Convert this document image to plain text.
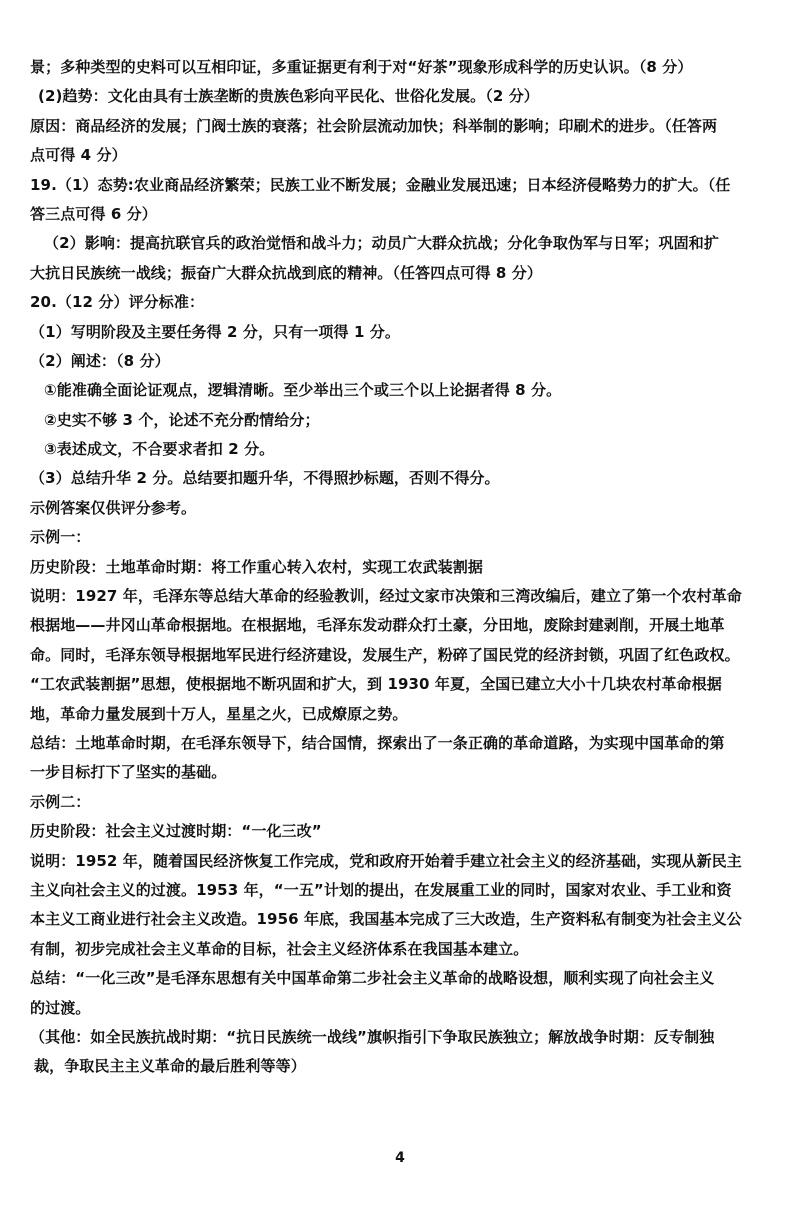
景；多种类型的史料可以互相印证，多重证据更有利于对“好茶”现象形成科学的历史认识。（8 分）
(2)趋势：文化由具有士族垄断的贵族色彩向平民化、世俗化发展。（2 分）
原因：商品经济的发展；门阀士族的衰落；社会阶层流动加快；科举制的影响；印刷术的进步。（任答两
点可得 4 分）
19.（1）态势:农业商品经济繁荣；民族工业不断发展；金融业发展迅速；日本经济侵略势力的扩大。（任
答三点可得 6 分）
（2）影响：提高抗联官兵的政治觉悟和战斗力；动员广大群众抗战；分化争取伪军与日军；巩固和扩
大抗日民族统一战线；振奋广大群众抗战到底的精神。（任答四点可得 8 分）
20.（12 分）评分标准：
（1）写明阶段及主要任务得 2 分，只有一项得 1 分。
（2）阐述：（8 分）
①能准确全面论证观点，逻辑清晰。至少举出三个或三个以上论据者得 8 分。
②史实不够 3 个，论述不充分酌情给分；
③表述成文，不合要求者扣 2 分。
（3）总结升华 2 分。总结要扣题升华，不得照抄标题，否则不得分。
示例答案仅供评分参考。
示例一：
历史阶段：土地革命时期：将工作重心转入农村，实现工农武装割据
说明：1927 年，毛泽东等总结大革命的经验教训，经过文家市决策和三湾改编后，建立了第一个农村革命
根据地——井冈山革命根据地。在根据地，毛泽东发动群众打土豪，分田地，废除封建剥削，开展土地革
命。同时，毛泽东领导根据地军民进行经济建设，发展生产，粉碎了国民党的经济封锁，巩固了红色政权。
“工农武装割据”思想，使根据地不断巩固和扩大，到 1930 年夏，全国已建立大小十几块农村革命根据
地，革命力量发展到十万人，星星之火，已成燎原之势。
总结：土地革命时期，在毛泽东领导下，结合国情，探索出了一条正确的革命道路，为实现中国革命的第
一步目标打下了坚实的基础。
示例二：
历史阶段：社会主义过渡时期：“一化三改”
说明：1952 年，随着国民经济恢复工作完成，党和政府开始着手建立社会主义的经济基础，实现从新民主
主义向社会主义的过渡。1953 年，“一五”计划的提出，在发展重工业的同时，国家对农业、手工业和资
本主义工商业进行社会主义改造。1956 年底，我国基本完成了三大改造，生产资料私有制变为社会主义公
有制，初步完成社会主义革命的目标，社会主义经济体系在我国基本建立。
总结：“一化三改”是毛泽东思想有关中国革命第二步社会主义革命的战略设想，顺利实现了向社会主义
的过渡。
（其他：如全民族抗战时期：“抗日民族统一战线”旗帜指引下争取民族独立；解放战争时期：反专制独
裁，争取民主主义革命的最后胜利等等）
4
